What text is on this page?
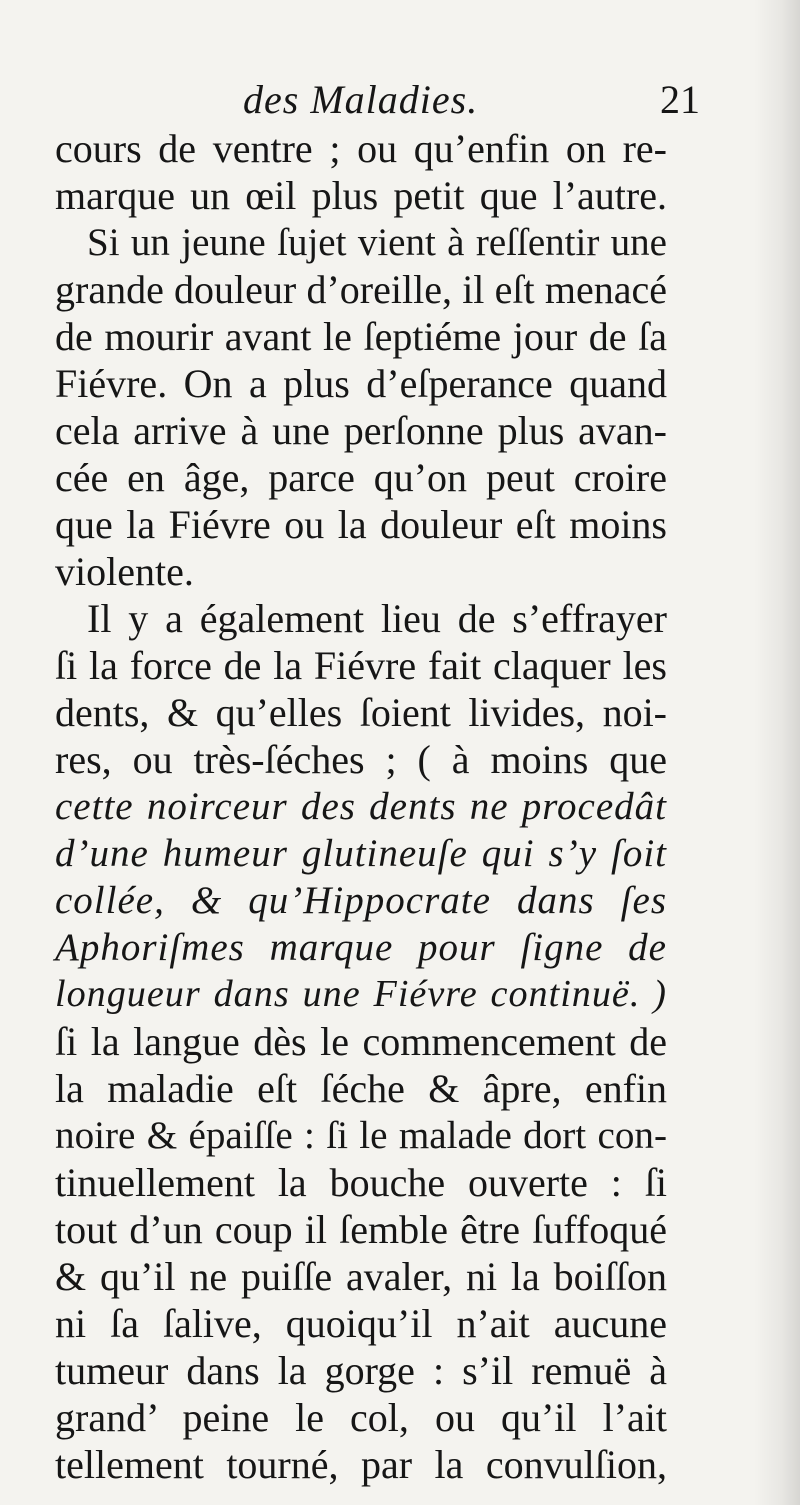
des Maladies.	21
cours de ventre ; ou qu’enfin on re-
marque un œil plus petit que l’autre.
Si un jeune ſujet vient à reſſentir une
grande douleur d’oreille, il eſt menacé
de mourir avant le ſeptiéme jour de ſa
Fiévre. On a plus d’eſperance quand
cela arrive à une perſonne plus avan-
cée en âge, parce qu’on peut croire
que la Fiévre ou la douleur eſt moins
violente.
Il y a également lieu de s’effrayer
ſi la force de la Fiévre fait claquer les
dents, & qu’elles ſoient livides, noi-
res, ou très-ſéches ; ( à moins que
cette noirceur des dents ne procedât
d’une humeur glutineuſe qui s’y ſoit
collée, & qu’Hippocrate dans ſes
Aphoriſmes marque pour ſigne de
longueur dans une Fiévre continuë. )
ſi la langue dès le commencement de
la maladie eſt ſéche & âpre, enfin
noire & épaiſſe : ſi le malade dort con-
tinuellement la bouche ouverte : ſi
tout d’un coup il ſemble être ſuffoqué
& qu’il ne puiſſe avaler, ni la boiſſon
ni ſa ſalive, quoiqu’il n’ait aucune
tumeur dans la gorge : s’il remuë à
grand’ peine le col, ou qu’il l’ait
tellement tourné, par la convulſion,
